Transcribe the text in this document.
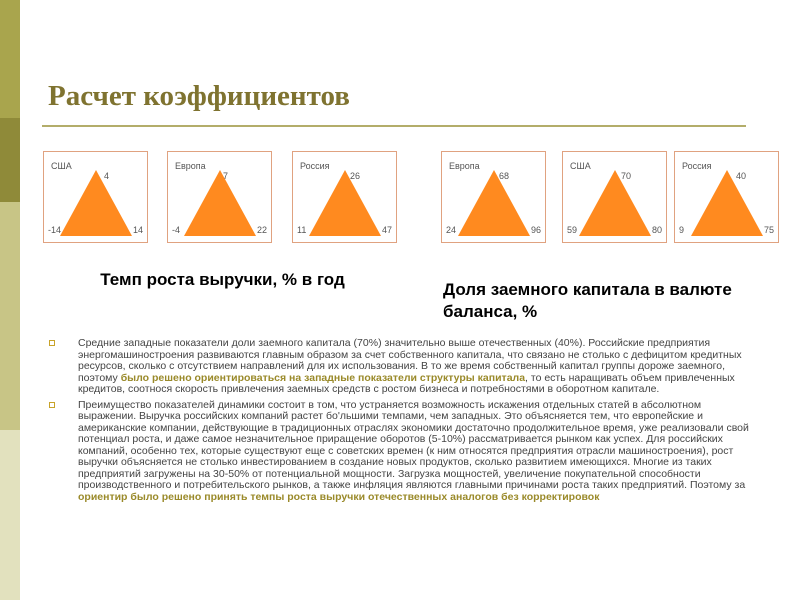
Расчет коэффициентов
США
4
-14	14
Европа
7
-4	22
Россия
26
11	47
Европа
68
24	96
США
70
59	80
Россия
40
9	75
Темп роста выручки, % в год
Доля заемного капитала в валюте баланса, %
Средние западные показатели доли заемного капитала (70%) значительно выше отечественных (40%). Российские предприятия энергомашиностроения развиваются главным образом за счет собственного капитала, что связано не столько с дефицитом кредитных ресурсов, сколько с отсутствием направлений для их использования. В то же время собственный капитал группы дороже заемного, поэтому было решено ориентироваться на западные показатели структуры капитала, то есть наращивать объем привлеченных кредитов, соотнося скорость привлечения заемных средств с ростом бизнеса и потребностями в оборотном капитале.
Преимущество показателей динамики состоит в том, что устраняется возможность искажения отдельных статей в абсолютном выражении. Выручка российских компаний растет бо'льшими темпами, чем западных. Это объясняется тем, что европейские и американские компании, действующие в традиционных отраслях экономики достаточно продолжительное время, уже реализовали свой потенциал роста, и даже самое незначительное приращение оборотов (5-10%) рассматривается рынком как успех. Для российских компаний, особенно тех, которые существуют еще с советских времен (к ним относятся предприятия отрасли машиностроения), рост выручки объясняется не столько инвестированием в создание новых продуктов, сколько развитием имеющихся. Многие из таких предприятий загружены на 30-50% от потенциальной мощности. Загрузка мощностей, увеличение покупательной способности производственного и потребительского рынков, а также инфляция являются главными причинами роста таких предприятий. Поэтому за ориентир было решено принять темпы роста выручки отечественных аналогов без корректировок
